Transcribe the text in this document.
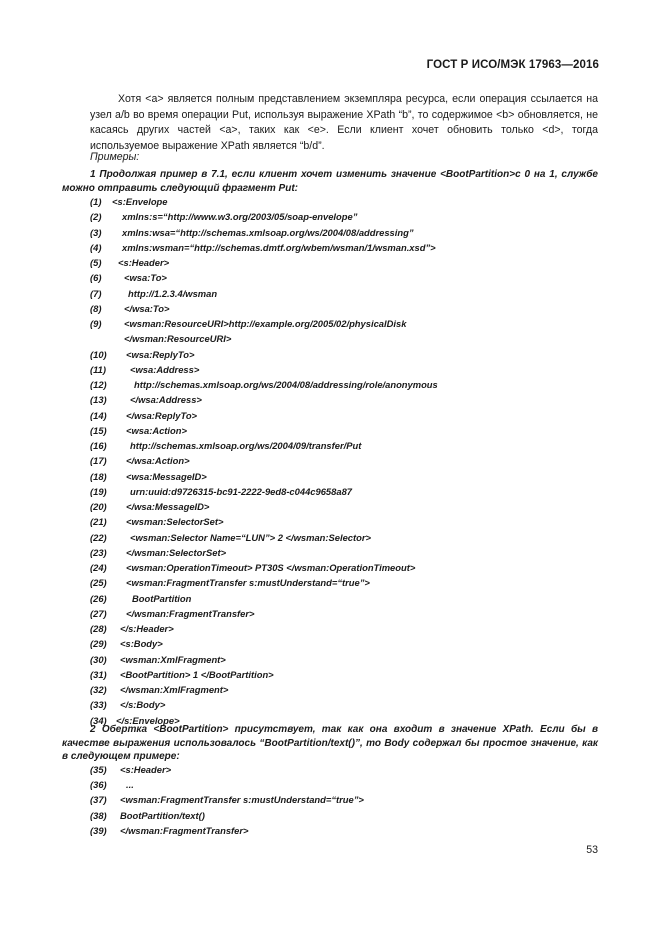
ГОСТ Р ИСО/МЭК 17963—2016

Хотя <a> является полным представлением экземпляра ресурса, если операция ссылается на узел a/b во время операции Put, используя выражение XPath “b”, то содержимое <b> обновляется, не касаясь других частей <a>, таких как <e>. Если клиент хочет обновить только <d>, тогда используемое выражение XPath является “b/d”.

Примеры:
1 Продолжая пример в 7.1, если клиент хочет изменить значение <BootPartition>с 0 на 1, службе можно отправить следующий фрагмент Put:
(1)	<s:Envelope
(2)	xmlns:s=“http://www.w3.org/2003/05/soap-envelope”
(3)	xmlns:wsa=“http://schemas.xmlsoap.org/ws/2004/08/addressing”
(4)	xmlns:wsman=“http://schemas.dmtf.org/wbem/wsman/1/wsman.xsd”>
(5)	<s:Header>
(6)	<wsa:To>
(7)	http://1.2.3.4/wsman
(8)	</wsa:To>
(9)	<wsman:ResourceURI>http://example.org/2005/02/physicalDisk
</wsman:ResourceURI>
(10)	<wsa:ReplyTo>
(11)	<wsa:Address>
(12)	http://schemas.xmlsoap.org/ws/2004/08/addressing/role/anonymous
(13)	</wsa:Address>
(14)	</wsa:ReplyTo>
(15)	<wsa:Action>
(16)	http://schemas.xmlsoap.org/ws/2004/09/transfer/Put
(17)	</wsa:Action>
(18)	<wsa:MessageID>
(19)	urn:uuid:d9726315-bc91-2222-9ed8-c044c9658a87
(20)	</wsa:MessageID>
(21)	<wsman:SelectorSet>
(22)	<wsman:Selector Name=“LUN”> 2 </wsman:Selector>
(23)	</wsman:SelectorSet>
(24)	<wsman:OperationTimeout> PT30S </wsman:OperationTimeout>
(25)	<wsman:FragmentTransfer s:mustUnderstand=“true”>
(26)	BootPartition
(27)	</wsman:FragmentTransfer>
(28)	</s:Header>
(29)	<s:Body>
(30)	<wsman:XmlFragment>
(31)	<BootPartition> 1 </BootPartition>
(32)	</wsman:XmlFragment>
(33)	</s:Body>
(34) </s:Envelope>
2 Обертка <BootPartition> присутствует, так как она входит в значение XPath. Если бы в качестве выражения использовалось “BootPartition/text()”, то Body содержал бы простое значение, как в следующем примере:
(35)	<s:Header>
(36)	...
(37)	<wsman:FragmentTransfer s:mustUnderstand=“true”>
(38)	BootPartition/text()
(39)	</wsman:FragmentTransfer>
53
